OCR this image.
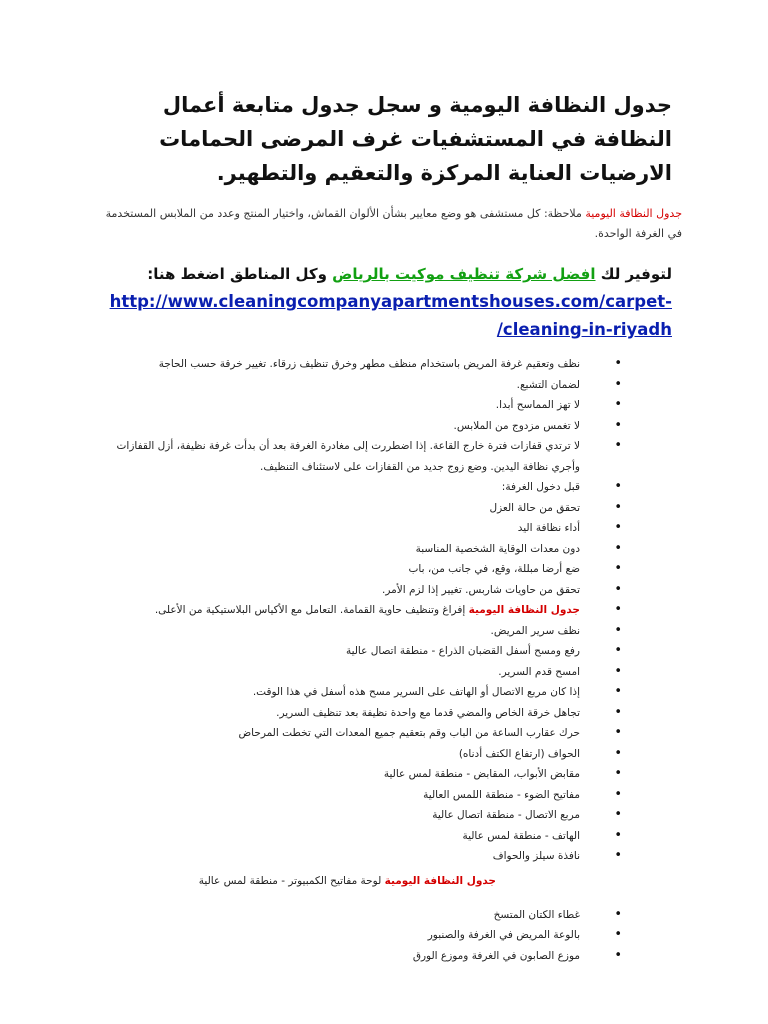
جدول النظافة اليومية و سجل جدول متابعة أعمال النظافة في المستشفيات غرف المرضى الحمامات الارضيات العناية المركزة والتعقيم والتطهير.

جدول النظافة اليومية ملاحظة: كل مستشفى هو وضع معايير بشأن الألوان القماش، واختيار المنتج وعدد من الملابس المستخدمة في الغرفة الواحدة.

لتوفير لك افضل شركة تنظيف موكيت بالرياض وكل المناطق اضغط هنا:

http://www.cleaningcompanyapartmentshouses.com/carpet-
/cleaning-in-riyadh
• نظف وتعقيم غرفة المريض باستخدام منظف مطهر وخرق تنظيف زرقاء. تغيير خرقة حسب الحاجة
• لضمان التشبع.
• لا تهز المماسح أبدا.
• لا تغمس مزدوج من الملابس.
• لا ترتدي قفازات فترة خارج القاعة. إذا اضطررت إلى مغادرة الغرفة بعد أن بدأت غرفة نظيفة، أزل القفازات وأجري نظافة اليدين. وضع زوج جديد من القفازات على لاستئناف التنظيف.
• قبل دخول الغرفة:
• تحقق من حالة العزل
• أداء نظافة اليد
• دون معدات الوقاية الشخصية المناسبة
• ضع أرضا مبللة، وقع، في جانب من، باب
• تحقق من حاويات شاربس. تغيير إذا لزم الأمر.
• جدول النظافة اليومية إفراغ وتنظيف حاوية القمامة. التعامل مع الأكياس البلاستيكية من الأعلى.
• نظف سرير المريض.
• رفع ومسح أسفل القضبان الذراع - منطقة اتصال عالية
• امسح قدم السرير.
• إذا كان مربع الاتصال أو الهاتف على السرير مسح هذه أسفل في هذا الوقت.
• تجاهل خرقة الخاص والمضي قدما مع واحدة نظيفة بعد تنظيف السرير.
• حرك عقارب الساعة من الباب وقم بتعقيم جميع المعدات التي تخطت المرحاض
• الحواف (ارتفاع الكتف أدناه)
• مقابض الأبواب، المقابض - منطقة لمس عالية
• مفاتيح الضوء - منطقة اللمس العالية
• مربع الاتصال - منطقة اتصال عالية
• الهاتف - منطقة لمس عالية
• نافذة سيلز والحواف

جدول النظافة اليومية لوحة مفاتيح الكمبيوتر - منطقة لمس عالية

• غطاء الكتان المتسخ
• بالوعة المريض في الغرفة والصنبور
• موزع الصابون في الغرفة وموزع الورق
